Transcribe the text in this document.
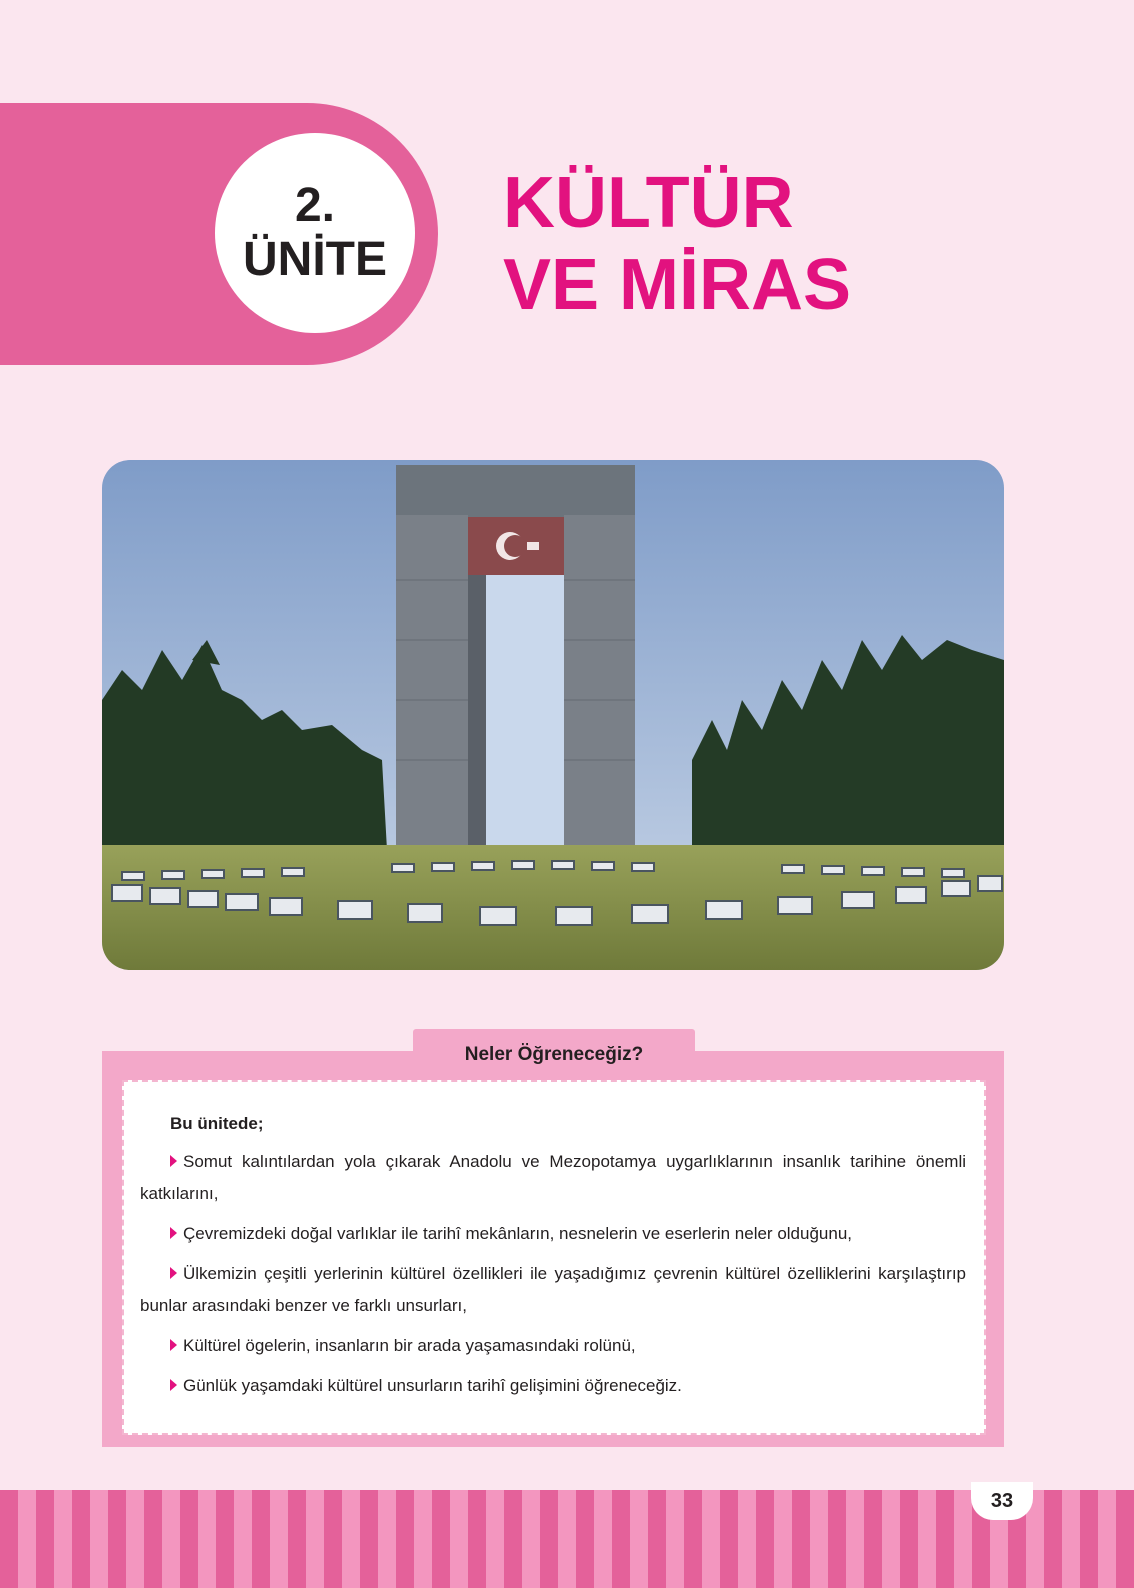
2.
ÜNİTE
KÜLTÜR
VE MİRAS
Neler Öğreneceğiz?
Bu ünitede;
Somut kalıntılardan yola çıkarak Anadolu ve Mezopotamya uygarlıklarının insanlık tarihine önemli katkılarını,
Çevremizdeki doğal varlıklar ile tarihî mekânların, nesnelerin ve eserlerin neler olduğunu,
Ülkemizin çeşitli yerlerinin kültürel özellikleri ile yaşadığımız çevrenin kültürel özelliklerini karşılaştırıp bunlar arasındaki benzer ve farklı unsurları,
Kültürel ögelerin, insanların bir arada yaşamasındaki rolünü,
Günlük yaşamdaki kültürel unsurların tarihî gelişimini öğreneceğiz.
33
